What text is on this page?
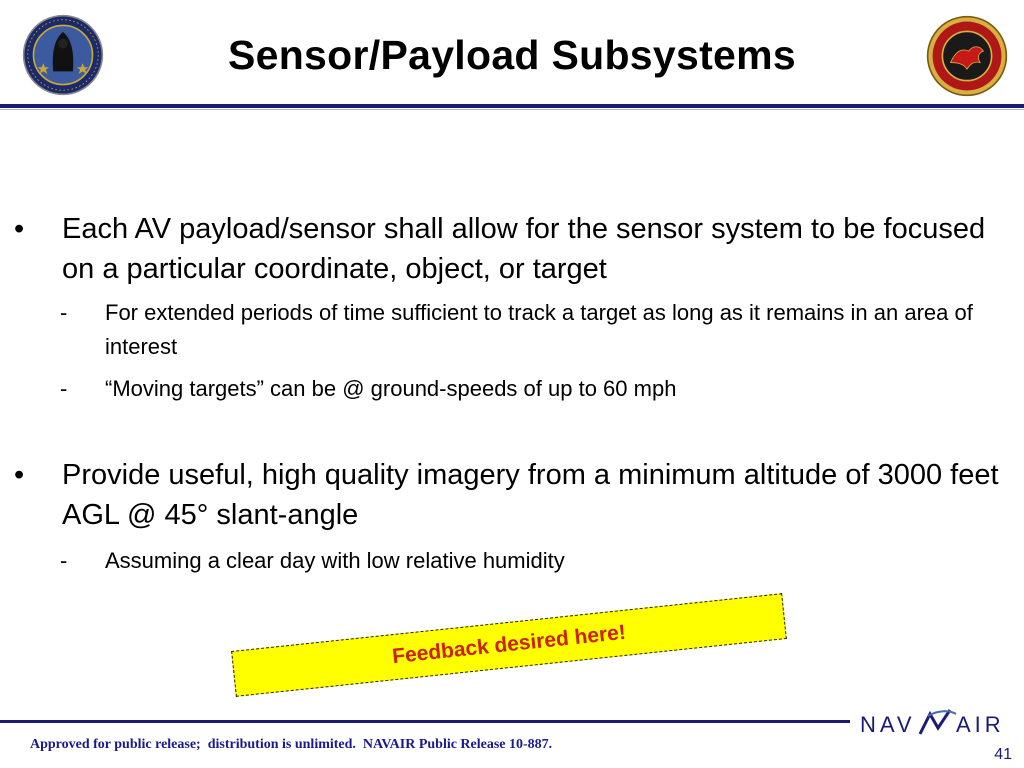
Sensor/Payload Subsystems
• Each AV payload/sensor shall allow for the sensor system to be focused on a particular coordinate, object, or target
- For extended periods of time sufficient to track a target as long as it remains in an area of interest
- “Moving targets” can be @ ground-speeds of up to 60 mph
• Provide useful, high quality imagery from a minimum altitude of 3000 feet AGL @ 45° slant-angle
- Assuming a clear day with low relative humidity
Feedback desired here!
NAV AIR
Approved for public release;  distribution is unlimited.  NAVAIR Public Release 10-887.
41
